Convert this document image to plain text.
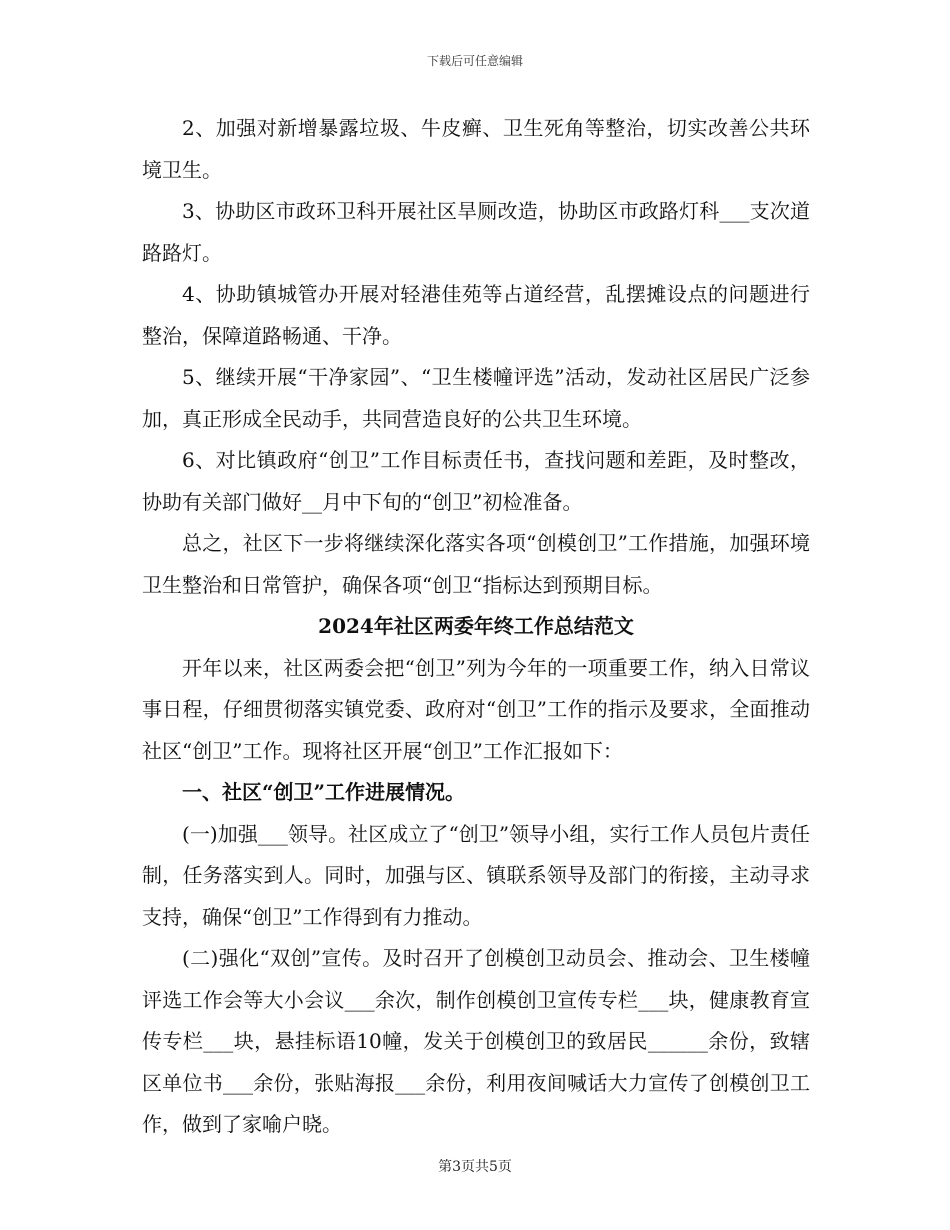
下载后可任意编辑

2、加强对新增暴露垃圾、牛皮癣、卫生死角等整治，切实改善公共环境卫生。

3、协助区市政环卫科开展社区旱厕改造，协助区市政路灯科___支次道路路灯。

4、协助镇城管办开展对轻港佳苑等占道经营，乱摆摊设点的问题进行整治，保障道路畅通、干净。

5、继续开展“干净家园”、“卫生楼幢评选”活动，发动社区居民广泛参加，真正形成全民动手，共同营造良好的公共卫生环境。

6、对比镇政府“创卫”工作目标责任书，查找问题和差距，及时整改，协助有关部门做好__月中下旬的“创卫”初检准备。

总之，社区下一步将继续深化落实各项“创模创卫”工作措施，加强环境卫生整治和日常管护，确保各项“创卫“指标达到预期目标。

2024年社区两委年终工作总结范文

开年以来，社区两委会把“创卫”列为今年的一项重要工作，纳入日常议事日程，仔细贯彻落实镇党委、政府对“创卫”工作的指示及要求，全面推动社区“创卫”工作。现将社区开展“创卫”工作汇报如下：

一、社区“创卫”工作进展情况。

(一)加强___领导。社区成立了“创卫”领导小组，实行工作人员包片责任制，任务落实到人。同时，加强与区、镇联系领导及部门的衔接，主动寻求支持，确保“创卫”工作得到有力推动。

(二)强化“双创”宣传。及时召开了创模创卫动员会、推动会、卫生楼幢评选工作会等大小会议___余次，制作创模创卫宣传专栏___块，健康教育宣传专栏___块，悬挂标语10幢，发关于创模创卫的致居民______余份，致辖区单位书___余份，张贴海报___余份，利用夜间喊话大力宣传了创模创卫工作，做到了家喻户晓。

第3页共5页
